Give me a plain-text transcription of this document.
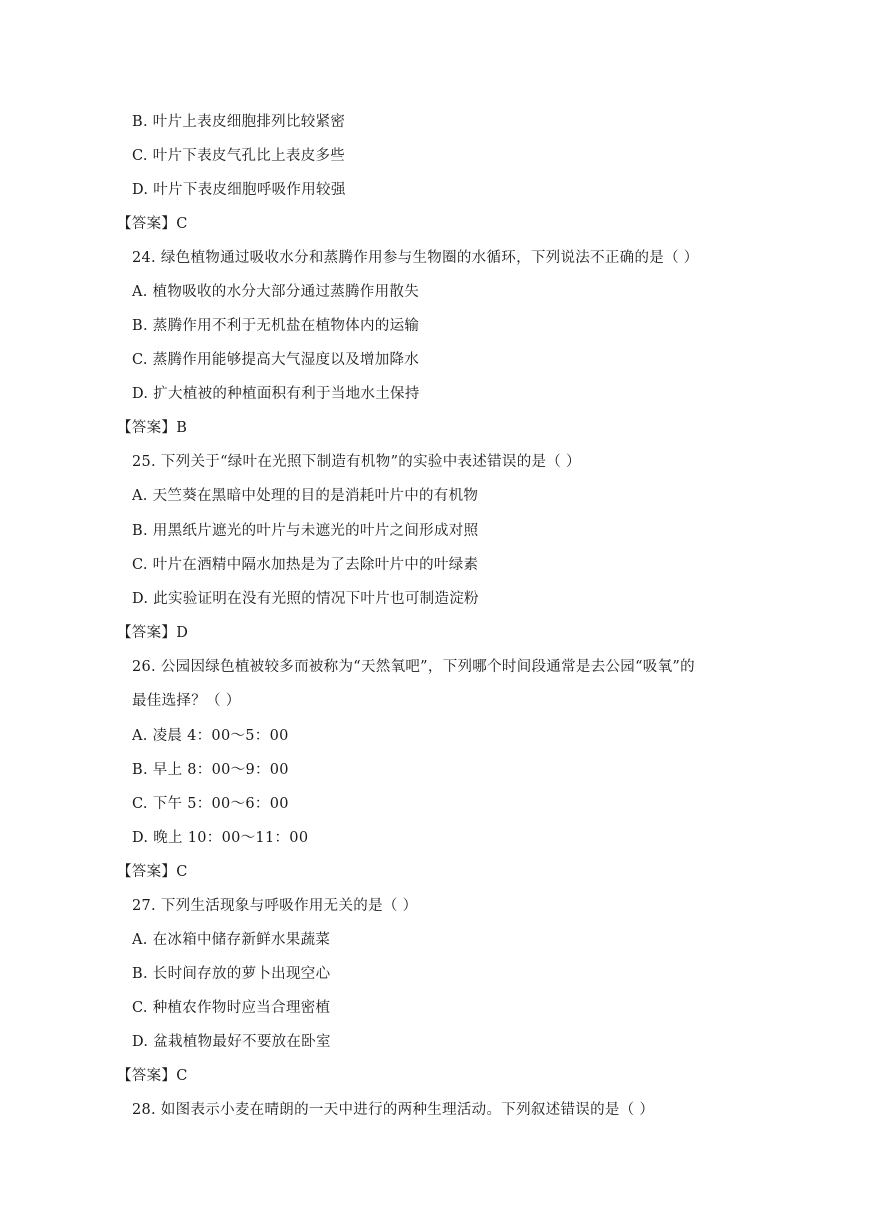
B. 叶片上表皮细胞排列比较紧密
C. 叶片下表皮气孔比上表皮多些
D. 叶片下表皮细胞呼吸作用较强
【答案】C
24. 绿色植物通过吸收水分和蒸腾作用参与生物圈的水循环，下列说法不正确的是（ ）
A. 植物吸收的水分大部分通过蒸腾作用散失
B. 蒸腾作用不利于无机盐在植物体内的运输
C. 蒸腾作用能够提高大气湿度以及增加降水
D. 扩大植被的种植面积有利于当地水土保持
【答案】B
25. 下列关于“绿叶在光照下制造有机物”的实验中表述错误的是（ ）
A. 天竺葵在黑暗中处理的目的是消耗叶片中的有机物
B. 用黑纸片遮光的叶片与未遮光的叶片之间形成对照
C. 叶片在酒精中隔水加热是为了去除叶片中的叶绿素
D. 此实验证明在没有光照的情况下叶片也可制造淀粉
【答案】D
26. 公园因绿色植被较多而被称为“天然氧吧”，下列哪个时间段通常是去公园“吸氧”的
最佳选择？（ ）
A. 凌晨 4：00～5：00
B. 早上 8：00～9：00
C. 下午 5：00～6：00
D. 晚上 10：00～11：00
【答案】C
27. 下列生活现象与呼吸作用无关的是（ ）
A. 在冰箱中储存新鲜水果蔬菜
B. 长时间存放的萝卜出现空心
C. 种植农作物时应当合理密植
D. 盆栽植物最好不要放在卧室
【答案】C
28. 如图表示小麦在晴朗的一天中进行的两种生理活动。下列叙述错误的是（ ）
